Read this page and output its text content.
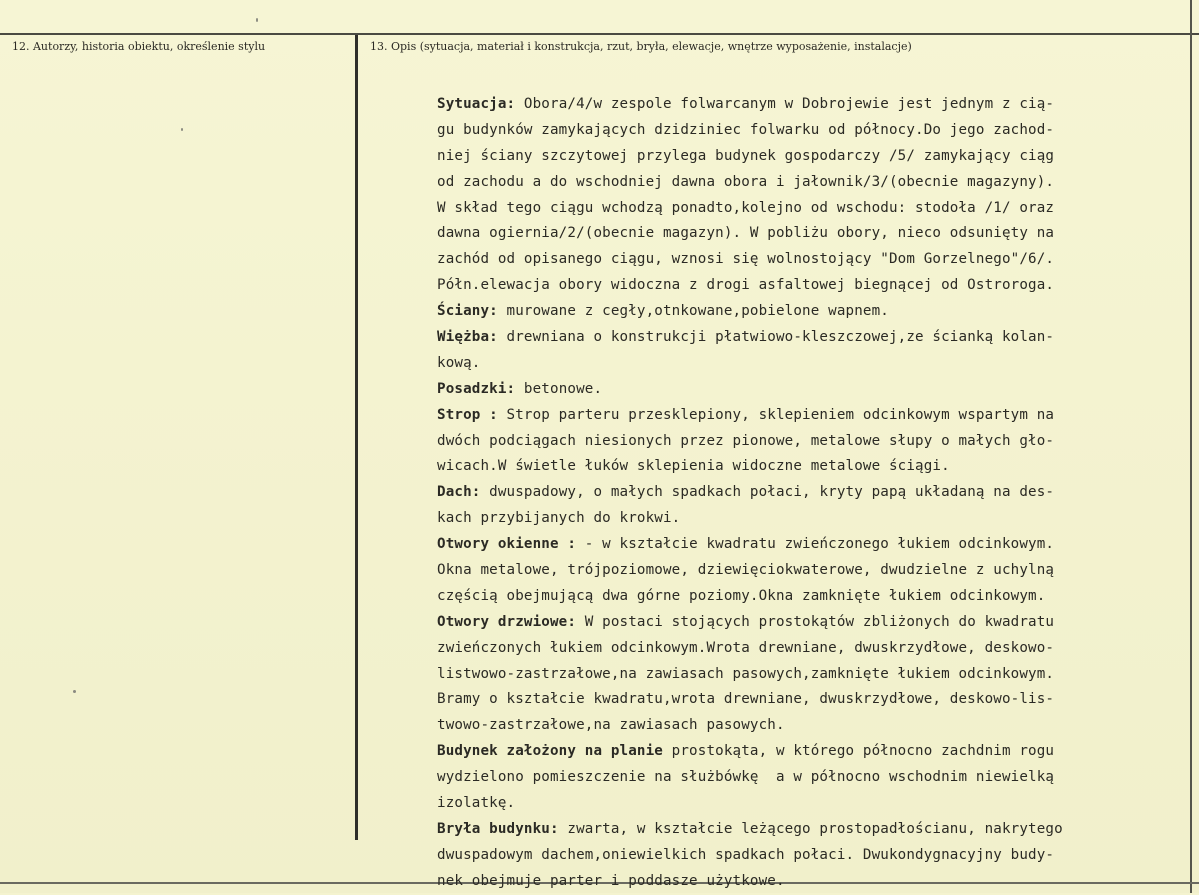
12. Autorzy, historia obiektu, określenie stylu	13. Opis (sytuacja, materiał i konstrukcja, rzut, bryła, elewacje, wnętrze wyposażenie, instalacje)
Sytuacja: Obora/4/w zespole folwarcanym w Dobrojewie jest jednym z cią-
gu budynków zamykających dzidziniec folwarku od północy.Do jego zachod-
niej ściany szczytowej przylega budynek gospodarczy /5/ zamykający ciąg
od zachodu a do wschodniej dawna obora i jałownik/3/(obecnie magazyny).
W skład tego ciągu wchodzą ponadto,kolejno od wschodu: stodoła /1/ oraz
dawna ogiernia/2/(obecnie magazyn). W pobliżu obory, nieco odsunięty na
zachód od opisanego ciągu, wznosi się wolnostojący "Dom Gorzelnego"/6/.
Półn.elewacja obory widoczna z drogi asfaltowej biegnącej od Ostroroga.
Ściany: murowane z cegły,otnkowane,pobielone wapnem.
Więżba: drewniana o konstrukcji płatwiowo-kleszczowej,ze ścianką kolan-
kową.
Posadzki: betonowe.
Strop : Strop parteru przesklepiony, sklepieniem odcinkowym wspartym na
dwóch podciągach niesionych przez pionowe, metalowe słupy o małych gło-
wicach.W świetle łuków sklepienia widoczne metalowe ściągi.
Dach: dwuspadowy, o małych spadkach połaci, kryty papą układaną na des-
kach przybijanych do krokwi.
Otwory okienne : - w kształcie kwadratu zwieńczonego łukiem odcinkowym.
Okna metalowe, trójpoziomowe, dziewięciokwaterowe, dwudzielne z uchylną
częścią obejmującą dwa górne poziomy.Okna zamknięte łukiem odcinkowym.
Otwory drzwiowe: W postaci stojących prostokątów zbliżonych do kwadratu
zwieńczonych łukiem odcinkowym.Wrota drewniane, dwuskrzydłowe, deskowo-
listwowo-zastrzałowe,na zawiasach pasowych,zamknięte łukiem odcinkowym.
Bramy o kształcie kwadratu,wrota drewniane, dwuskrzydłowe, deskowo-lis-
twowo-zastrzałowe,na zawiasach pasowych.
Budynek założony na planie prostokąta, w którego północno zachdnim rogu
wydzielono pomieszczenie na służbówkę  a w północno wschodnim niewielką
izolatkę.
Bryła budynku: zwarta, w kształcie leżącego prostopadłościanu, nakrytego
dwuspadowym dachem,oniewielkich spadkach połaci. Dwukondygnacyjny budy-
nek obejmuje parter i poddasze użytkowe.
